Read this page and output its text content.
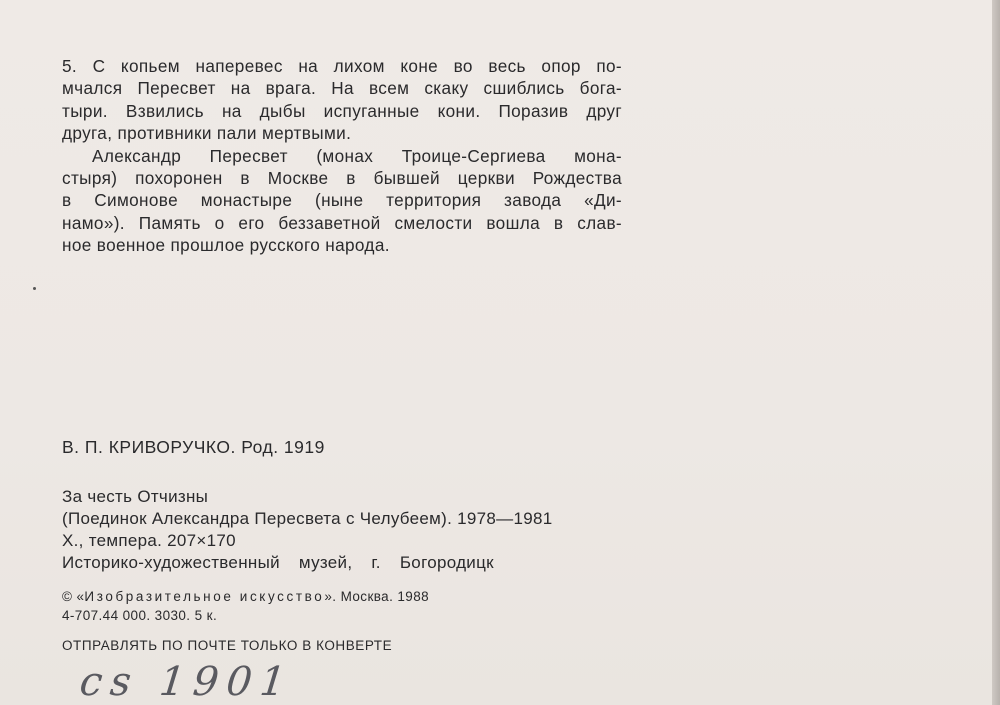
5. С копьем наперевес на лихом коне во весь опор по-
мчался Пересвет на врага. На всем скаку сшиблись бога-
тыри. Взвились на дыбы испуганные кони. Поразив друг
друга, противники пали мертвыми.
Александр Пересвет (монах Троице-Сергиева мона-
стыря) похоронен в Москве в бывшей церкви Рождества
в Симонове монастыре (ныне территория завода «Ди-
намо»). Память о его беззаветной смелости вошла в слав-
ное военное прошлое русского народа.
В. П. КРИВОРУЧКО. Род. 1919
За честь Отчизны
(Поединок Александра Пересвета с Челубеем). 1978—1981
Х., темпера. 207×170
Историко-художественный музей, г. Богородицк
© «Изобразительное искусство». Москва. 1988
4-707.44 000. 3030. 5 к.
ОТПРАВЛЯТЬ ПО ПОЧТЕ ТОЛЬКО В КОНВЕРТЕ
cs 1901
